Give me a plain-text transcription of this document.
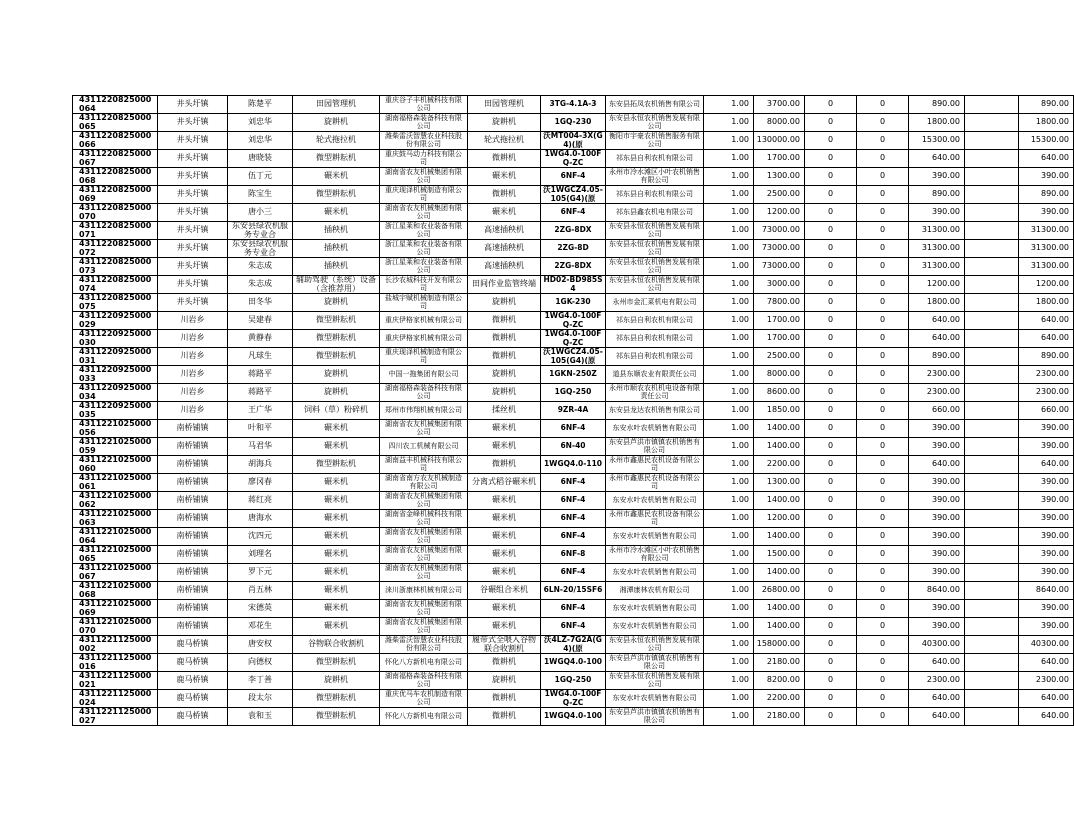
4311220825000064	井头圩镇	陈楚平	田园管理机	重庆谷子丰机械科技有限公司	田园管理机	3TG-4.1A-3	东安县拓凤农机销售有限公司	1.00	3700.00	0	0	890.00		890.00
4311220825000065	井头圩镇	刘忠华	旋耕机	湖南福格森装备科技有限公司	旋耕机	1GQ-230	东安县永恒农机销售发展有限公司	1.00	8000.00	0	0	1800.00		1800.00
4311220825000066	井头圩镇	刘忠华	轮式拖拉机	潍柴雷沃智慧农业科技股份有限公司	轮式拖拉机	沃MT004-3X(G4)(原	衡阳市宇豪农机销售服务有限公司	1.00	130000.00	0	0	15300.00		15300.00
4311220825000067	井头圩镇	唐晓装	微型耕耘机	重庆鼓马动力科技有限公司	微耕机	1WG4.0-100FQ-ZC	祁东县自利农机有限公司	1.00	1700.00	0	0	640.00		640.00
4311220825000068	井头圩镇	伍丁元	碾米机	湖南省农友机械集团有限公司	碾米机	6NF-4	永州市冷水滩区小叶农机销售有限公司	1.00	1300.00	0	0	390.00		390.00
4311220825000069	井头圩镇	陈宝生	微型耕耘机	重庆现泽机械制造有限公司	微耕机	沃1WGCZ4.05-105(G4)(原	祁东县自利农机有限公司	1.00	2500.00	0	0	890.00		890.00
4311220825000070	井头圩镇	唐小三	碾米机	湖南省农友机械集团有限公司	碾米机	6NF-4	祁东县鑫农机电有限公司	1.00	1200.00	0	0	390.00		390.00
4311220825000071	井头圩镇	东安县绿农机服务专业合	插秧机	浙江星莱和农业装备有限公司	高速插秧机	2ZG-8DX	东安县永恒农机销售发展有限公司	1.00	73000.00	0	0	31300.00		31300.00
4311220825000072	井头圩镇	东安县绿农机服务专业合	插秧机	浙江星莱和农业装备有限公司	高速插秧机	2ZG-8D	东安县永恒农机销售发展有限公司	1.00	73000.00	0	0	31300.00		31300.00
4311220825000073	井头圩镇	朱志成	插秧机	浙江星莱和农业装备有限公司	高速插秧机	2ZG-8DX	东安县永恒农机销售发展有限公司	1.00	73000.00	0	0	31300.00		31300.00
4311220825000074	井头圩镇	朱志成	辅助驾驶（系统）设备（含推荐用）	长沙农城科技开发有限公司	田间作业监管终端	HD02-BD985S4	东安县永恒农机销售发展有限公司	1.00	3000.00	0	0	1200.00		1200.00
4311220825000075	井头圩镇	田冬华	旋耕机	盐城宇赋机械制造有限公司	旋耕机	1GK-230	永州市金汇菜机电有限公司	1.00	7800.00	0	0	1800.00		1800.00
4311220925000029	川岩乡	吴建春	微型耕耘机	重庆伊格家机械有限公司	微耕机	1WG4.0-100FQ-ZC	祁东县自利农机有限公司	1.00	1700.00	0	0	640.00		640.00
4311220925000030	川岩乡	黄静春	微型耕耘机	重庆伊格家机械有限公司	微耕机	1WG4.0-100FQ-ZC	祁东县自利农机有限公司	1.00	1700.00	0	0	640.00		640.00
4311220925000031	川岩乡	凡球生	微型耕耘机	重庆现泽机械制造有限公司	微耕机	沃1WGCZ4.05-105(G4)(原	祁东县自利农机有限公司	1.00	2500.00	0	0	890.00		890.00
4311220925000033	川岩乡	蒋路平	旋耕机	中国一拖集团有限公司	旋耕机	1GKN-250Z	道县东顺农业有限责任公司	1.00	8000.00	0	0	2300.00		2300.00
4311220925000034	川岩乡	蒋路平	旋耕机	湖南福格森装备科技有限公司	旋耕机	1GQ-250	永州市顺农农机机电设备有限责任公司	1.00	8600.00	0	0	2300.00		2300.00
4311220925000035	川岩乡	王广华	饲料（草）粉碎机	郑州市伟翔机械有限公司	揉丝机	9ZR-4A	东安县龙达农机销售有限公司	1.00	1850.00	0	0	660.00		660.00
4311221025000056	南桥铺镇	叶和平	碾米机	湖南省农友机械集团有限公司	碾米机	6NF-4	东安水叶农机销售有限公司	1.00	1400.00	0	0	390.00		390.00
4311221025000059	南桥铺镇	马君华	碾米机	四川农工机械有限公司	碾米机	6N-40	东安县芦洪市镇镇农机销售有限公司	1.00	1400.00	0	0	390.00		390.00
4311221025000060	南桥铺镇	胡海兵	微型耕耘机	湖南益丰机械科技有限公司	微耕机	1WGQ4.0-110	永州市鑫惠民农机设备有限公司	1.00	2200.00	0	0	640.00		640.00
4311221025000061	南桥铺镇	廖冈春	碾米机	湖南省南方农友机械制造有限公司	分离式稻谷碾米机	6NF-4	永州市鑫惠民农机设备有限公司	1.00	1300.00	0	0	390.00		390.00
4311221025000062	南桥铺镇	蒋红亮	碾米机	湖南省农友机械集团有限公司	碾米机	6NF-4	东安水叶农机销售有限公司	1.00	1400.00	0	0	390.00		390.00
4311221025000063	南桥铺镇	唐海水	碾米机	湖南省金峰机械科技有限公司	碾米机	6NF-4	永州市鑫惠民农机设备有限公司	1.00	1200.00	0	0	390.00		390.00
4311221025000064	南桥铺镇	沈四元	碾米机	湖南省农友机械集团有限公司	碾米机	6NF-4	东安水叶农机销售有限公司	1.00	1400.00	0	0	390.00		390.00
4311221025000065	南桥铺镇	刘理名	碾米机	湖南省农友机械集团有限公司	碾米机	6NF-8	永州市冷水滩区小叶农机销售有限公司	1.00	1500.00	0	0	390.00		390.00
4311221025000067	南桥铺镇	罗下元	碾米机	湖南省农友机械集团有限公司	碾米机	6NF-4	东安水叶农机销售有限公司	1.00	1400.00	0	0	390.00		390.00
4311221025000068	南桥铺镇	肖五林	碾米机	涞川浙康林机械有限公司	谷碾组合米机	6LN-20/15SF6	湘潭康林农机有限公司	1.00	26800.00	0	0	8640.00		8640.00
4311221025000069	南桥铺镇	宋德英	碾米机	湖南省农友机械集团有限公司	碾米机	6NF-4	东安水叶农机销售有限公司	1.00	1400.00	0	0	390.00		390.00
4311221025000070	南桥铺镇	邓花生	碾米机	湖南省农友机械集团有限公司	碾米机	6NF-4	东安水叶农机销售有限公司	1.00	1400.00	0	0	390.00		390.00
4311221125000002	鹿马桥镇	唐安权	谷物联合收割机	潍柴雷沃智慧农业科技股份有限公司	履带式全喂入谷物联合收割机	沃4LZ-7G2A(G4)(原	东安县永恒农机销售发展有限公司	1.00	158000.00	0	0	40300.00		40300.00
4311221125000016	鹿马桥镇	向德权	微型耕耘机	怀化八方新机电有限公司	微耕机	1WGQ4.0-100	东安县芦洪市镇镇农机销售有限公司	1.00	2180.00	0	0	640.00		640.00
4311221125000021	鹿马桥镇	李丁善	旋耕机	湖南福格森装备科技有限公司	旋耕机	1GQ-250	东安县永恒农机销售发展有限公司	1.00	8200.00	0	0	2300.00		2300.00
4311221125000024	鹿马桥镇	段太尔	微型耕耘机	重庆优马车农机制造有限公司	微耕机	1WG4.0-100FQ-ZC	东安水叶农机销售有限公司	1.00	2200.00	0	0	640.00		640.00
4311221125000027	鹿马桥镇	袁和玉	微型耕耘机	怀化八方新机电有限公司	微耕机	1WGQ4.0-100	东安县芦洪市镇镇农机销售有限公司	1.00	2180.00	0	0	640.00		640.00
